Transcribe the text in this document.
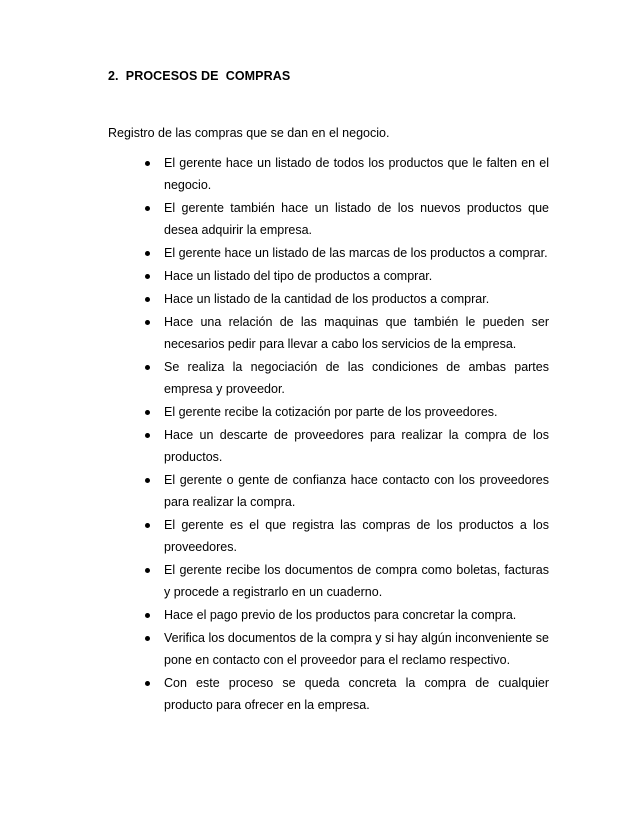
2.  PROCESOS DE  COMPRAS
Registro de las compras que se dan en el negocio.
El gerente hace un listado de todos los productos que le falten en el negocio.
El gerente también hace un listado de los nuevos productos que desea adquirir la empresa.
El gerente hace un listado de las marcas de los productos a comprar.
Hace un listado del tipo de productos a comprar.
Hace un listado de la cantidad de los productos a comprar.
Hace una relación de las maquinas que también le pueden ser necesarios pedir para llevar a cabo los servicios de la empresa.
Se realiza la negociación de las condiciones de ambas partes empresa y proveedor.
El gerente recibe la cotización por parte de los proveedores.
Hace un descarte de proveedores para realizar la compra de los productos.
El gerente o gente de confianza hace contacto con los proveedores para realizar la compra.
El gerente es el que registra las compras de los productos a los proveedores.
El gerente recibe los documentos de compra como boletas, facturas y procede a registrarlo en un cuaderno.
Hace el pago previo de los productos para concretar la compra.
Verifica los documentos de la compra y si hay algún inconveniente se pone en contacto con el proveedor para el reclamo respectivo.
Con este proceso se queda concreta la compra de cualquier producto para ofrecer en la empresa.
